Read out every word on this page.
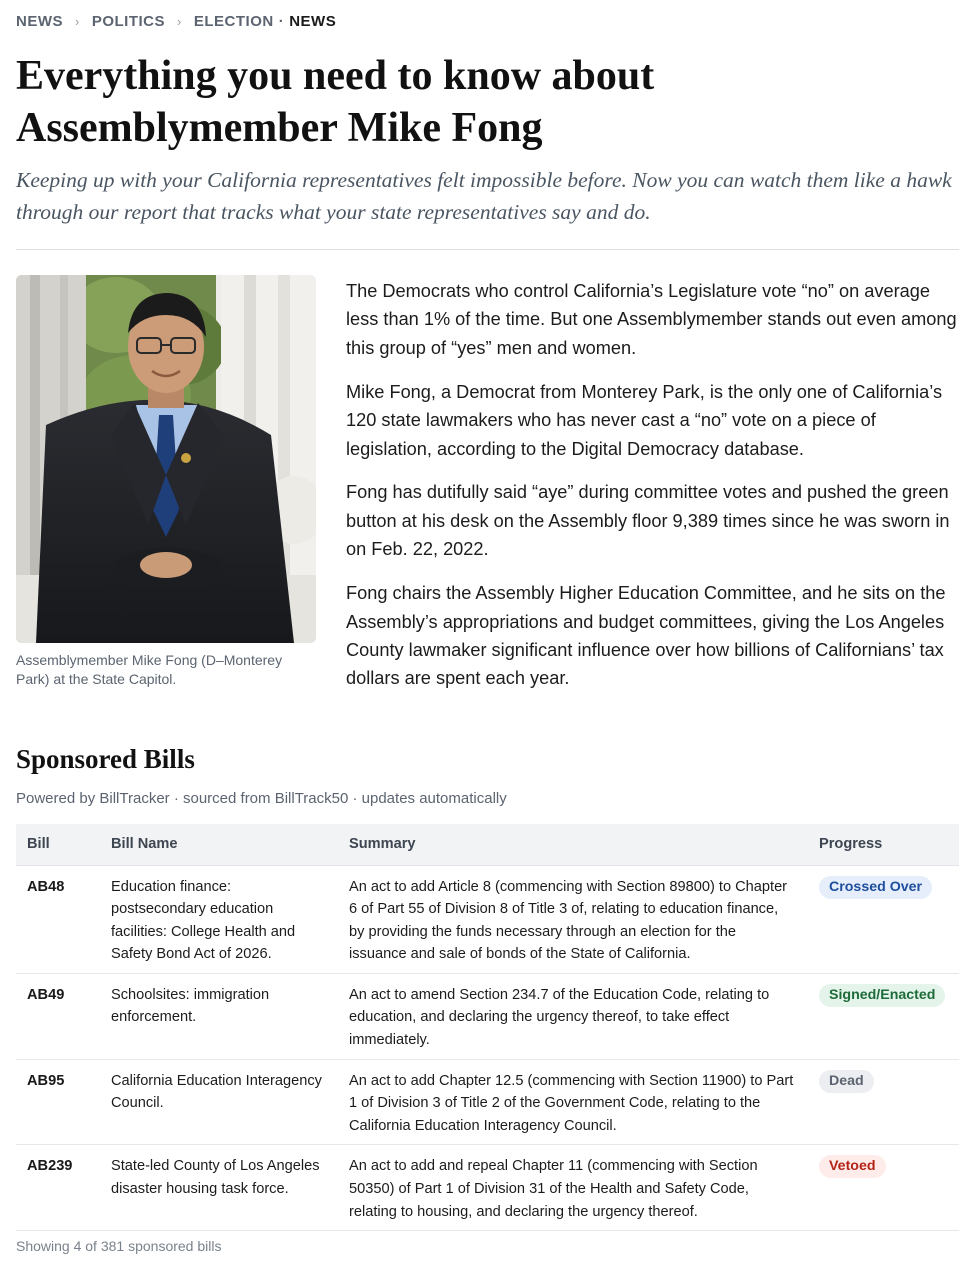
NEWS › POLITICS › ELECTION · NEWS
Everything you need to know about Assemblymember Mike Fong

Keeping up with your California representatives felt impossible before. Now you can watch them like a hawk through our report that tracks what your state representatives say and do.

Assemblymember Mike Fong (D–Monterey Park) at the State Capitol.

The Democrats who control California’s Legislature vote “no” on average less than 1% of the time. But one Assemblymember stands out even among this group of “yes” men and women.

Mike Fong, a Democrat from Monterey Park, is the only one of California’s 120 state lawmakers who has never cast a “no” vote on a piece of legislation, according to the Digital Democracy database.

Fong has dutifully said “aye” during committee votes and pushed the green button at his desk on the Assembly floor 9,389 times since he was sworn in on Feb. 22, 2022.

Fong chairs the Assembly Higher Education Committee, and he sits on the Assembly’s appropriations and budget committees, giving the Los Angeles County lawmaker significant influence over how billions of Californians’ tax dollars are spent each year.

Sponsored Bills
Powered by BillTracker · sourced from BillTrack50 · updates automatically
Bill	Bill Name	Summary	Progress
AB48	Education finance: postsecondary education facilities: College Health and Safety Bond Act of 2026.	An act to add Article 8 (commencing with Section 89800) to Chapter 6 of Part 55 of Division 8 of Title 3 of, relating to education finance, by providing the funds necessary through an election for the issuance and sale of bonds of the State of California.	Crossed Over
AB49	Schoolsites: immigration enforcement.	An act to amend Section 234.7 of the Education Code, relating to education, and declaring the urgency thereof, to take effect immediately.	Signed/Enacted
AB95	California Education Interagency Council.	An act to add Chapter 12.5 (commencing with Section 11900) to Part 1 of Division 3 of Title 2 of the Government Code, relating to the California Education Interagency Council.	Dead
AB239	State-led County of Los Angeles disaster housing task force.	An act to add and repeal Chapter 11 (commencing with Section 50350) of Part 1 of Division 31 of the Health and Safety Code, relating to housing, and declaring the urgency thereof.	Vetoed
Showing 4 of 381 sponsored bills
